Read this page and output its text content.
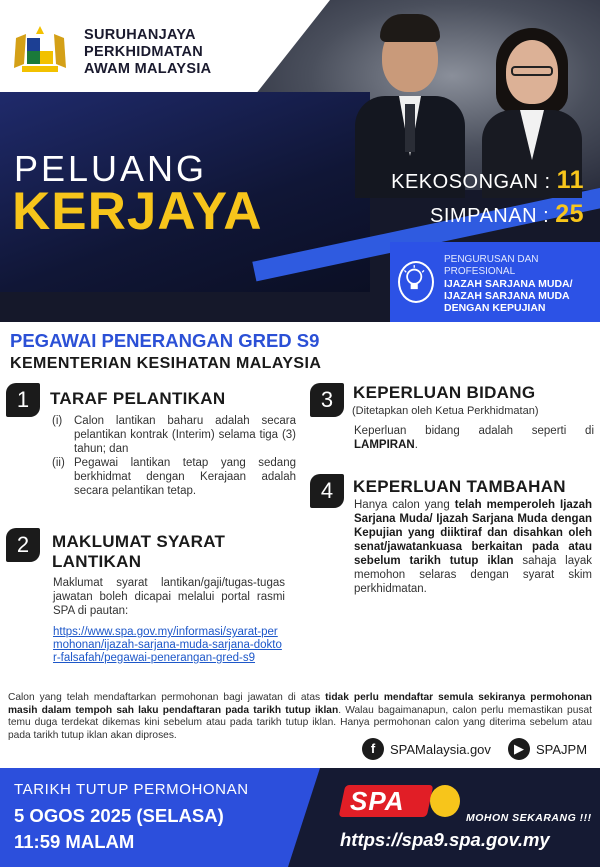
SURUHANJAYA
PERKHIDMATAN
AWAM MALAYSIA
PELUANG
KERJAYA	KEKOSONGAN : 11
SIMPANAN : 25
PENGURUSAN DAN
PROFESIONAL
IJAZAH SARJANA MUDA/
IJAZAH SARJANA MUDA
DENGAN KEPUJIAN
PEGAWAI PENERANGAN GRED S9
KEMENTERIAN KESIHATAN MALAYSIA
1	TARAF PELANTIKAN
(i)	Calon lantikan baharu adalah secara pelantikan kontrak (Interim) selama tiga (3) tahun; dan
(ii) Pegawai lantikan tetap yang sedang berkhidmat dengan Kerajaan adalah secara pelantikan tetap.
2	MAKLUMAT SYARAT
LANTIKAN
Maklumat syarat lantikan/gaji/tugas-tugas jawatan boleh dicapai melalui portal rasmi SPA di pautan:
https://www.spa.gov.my/informasi/syarat-permohonan/ijazah-sarjana-muda-sarjana-doktor-falsafah/pegawai-penerangan-gred-s9
3	KEPERLUAN BIDANG
(Ditetapkan oleh Ketua Perkhidmatan)
Keperluan bidang adalah seperti di LAMPIRAN.
4	KEPERLUAN TAMBAHAN
Hanya calon yang telah memperoleh Ijazah Sarjana Muda/ Ijazah Sarjana Muda dengan Kepujian yang diiktiraf dan disahkan oleh senat/jawatankuasa berkaitan pada atau sebelum tarikh tutup iklan sahaja layak memohon selaras dengan syarat skim perkhidmatan.
Calon yang telah mendaftarkan permohonan bagi jawatan di atas tidak perlu mendaftar semula sekiranya permohonan masih dalam tempoh sah laku pendaftaran pada tarikh tutup iklan. Walau bagaimanapun, calon perlu memastikan pusat temu duga terdekat dikemas kini sebelum atau pada tarikh tutup iklan. Hanya permohonan calon yang diterima sebelum atau pada tarikh tutup iklan akan diproses.
f	SPAMalaysia.gov	▶ SPAJPM
TARIKH TUTUP PERMOHONAN
5 OGOS 2025 (SELASA)
11:59 MALAM
SPA
MOHON SEKARANG !!!
https://spa9.spa.gov.my
